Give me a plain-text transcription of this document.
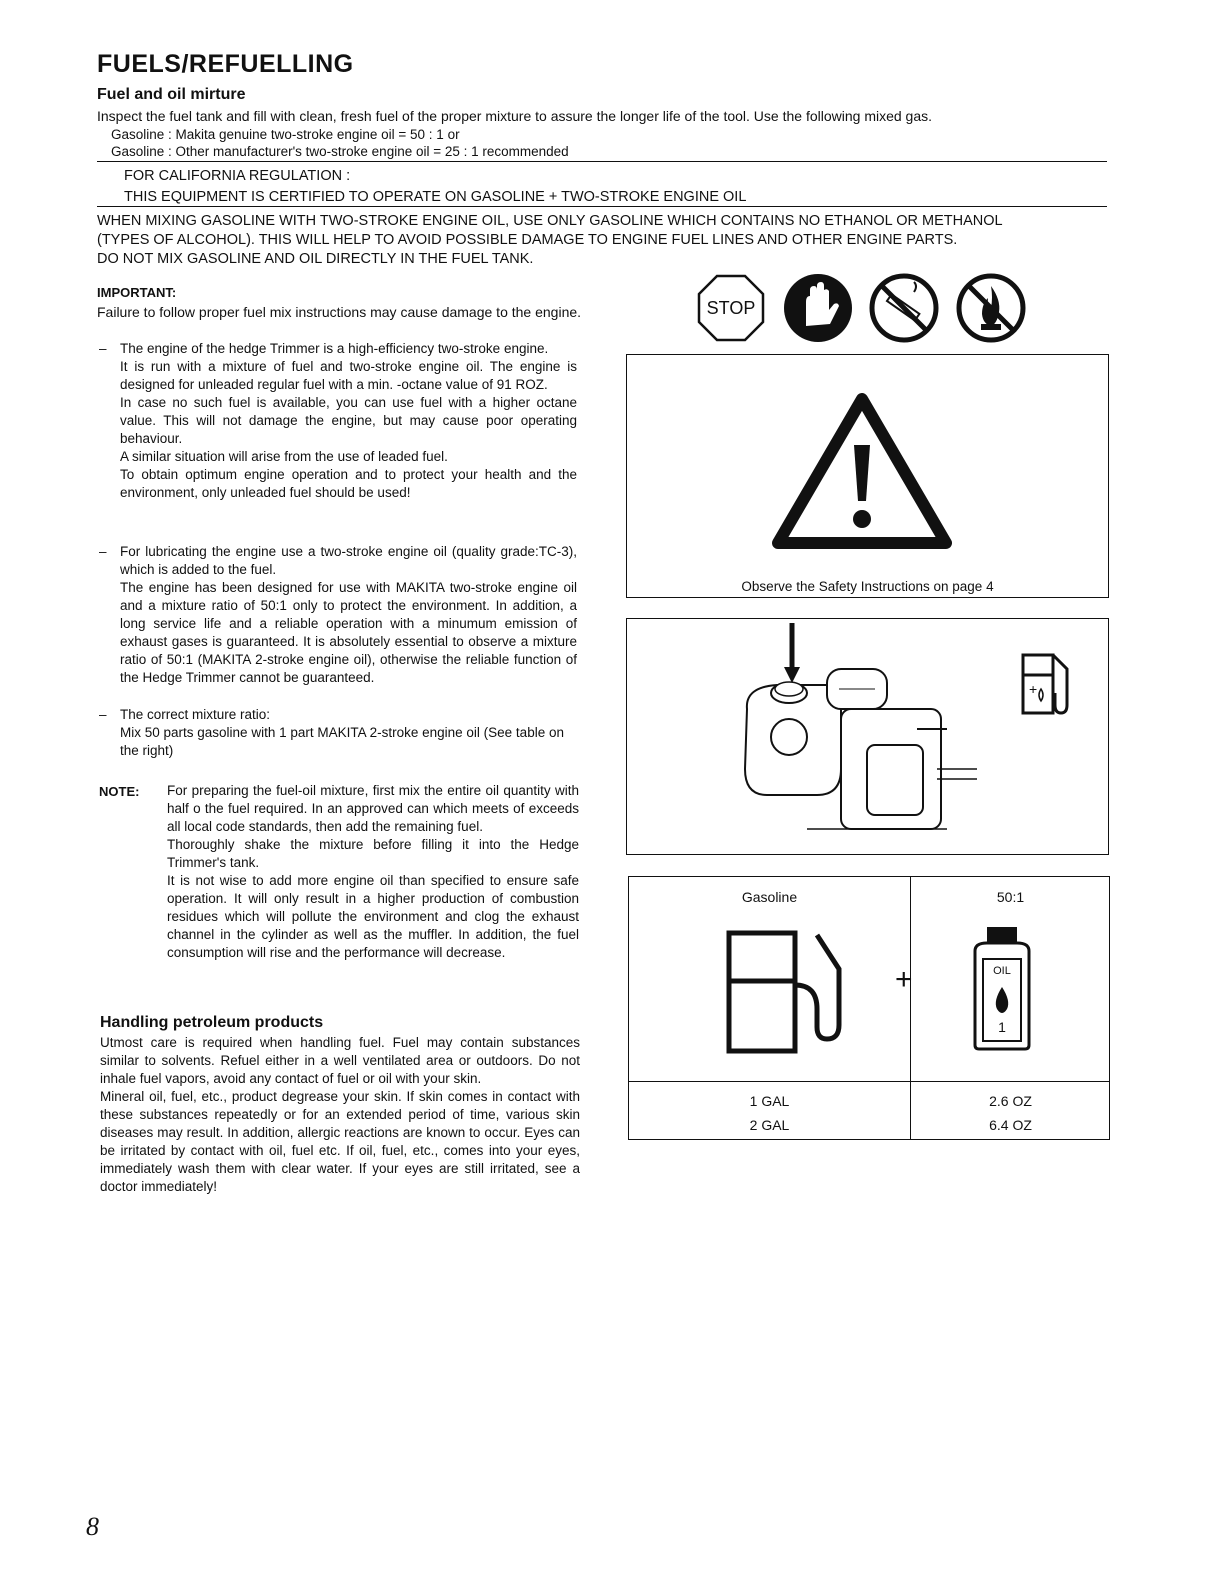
FUELS/REFUELLING
Fuel and oil mirture
Inspect the fuel tank and fill with clean, fresh fuel of the proper mixture to assure the longer life of the tool. Use the following mixed gas.
Gasoline : Makita genuine two-stroke engine oil = 50 : 1 or
Gasoline : Other manufacturer's two-stroke engine oil = 25 : 1 recommended
FOR CALIFORNIA REGULATION :
THIS EQUIPMENT IS CERTIFIED TO OPERATE ON GASOLINE + TWO-STROKE ENGINE OIL
WHEN MIXING GASOLINE WITH TWO-STROKE ENGINE OIL, USE ONLY GASOLINE WHICH CONTAINS NO ETHANOL OR METHANOL
(TYPES OF ALCOHOL). THIS WILL HELP TO AVOID POSSIBLE DAMAGE TO ENGINE FUEL LINES AND OTHER ENGINE PARTS.
DO NOT MIX GASOLINE AND OIL DIRECTLY IN THE FUEL TANK.
IMPORTANT:
Failure to follow proper fuel mix instructions may cause damage to the engine.	STOP
– The engine of the hedge Trimmer is a high-efficiency two-stroke engine.
It is run with a mixture of fuel and two-stroke engine oil. The engine is designed for unleaded regular fuel with a min. -octane value of 91 ROZ.
In case no such fuel is available, you can use fuel with a higher octane value. This will not damage the engine, but may cause poor operating behaviour.
A similar situation will arise from the use of leaded fuel.
To obtain optimum engine operation and to protect your health and the environment, only unleaded fuel should be used!
– For lubricating the engine use a two-stroke engine oil (quality grade:TC-3), which is added to the fuel.
The engine has been designed for use with MAKITA two-stroke engine oil and a mixture ratio of 50:1 only to protect the environment. In addition, a long service life and a reliable operation with a minumum emission of exhaust gases is guaranteed. It is absolutely essential to observe a mixture ratio of 50:1 (MAKITA 2-stroke engine oil), otherwise the reliable function of the Hedge Trimmer cannot be guaranteed.
– The correct mixture ratio:
Mix 50 parts gasoline with 1 part MAKITA 2-stroke engine oil (See table on the right)
NOTE: For preparing the fuel-oil mixture, first mix the entire oil quantity with half o the fuel required. In an approved can which meets of exceeds all local code standards, then add the remaining fuel.
Thoroughly shake the mixture before filling it into the Hedge Trimmer's tank.
It is not wise to add more engine oil than specified to ensure safe operation. It will only result in a higher production of combustion residues which will pollute the environment and clog the exhaust channel in the cylinder as well as the muffler. In addition, the fuel consumption will rise and the performance will decrease.
Handling petroleum products
Utmost care is required when handling fuel. Fuel may contain substances similar to solvents. Refuel either in a well ventilated area or outdoors. Do not inhale fuel vapors, avoid any contact of fuel or oil with your skin.
Mineral oil, fuel, etc., product degrease your skin. If skin comes in contact with these substances repeatedly or for an extended period of time, various skin diseases may result. In addition, allergic reactions are known to occur. Eyes can be irritated by contact with oil, fuel etc. If oil, fuel, etc., comes into your eyes, immediately wash them with clear water. If your eyes are still irritated, see a doctor immediately!
Observe the Safety Instructions on page 4
+
Gasoline	50:1
+	OIL
1
1 GAL	2.6 OZ
2 GAL	6.4 OZ
8
